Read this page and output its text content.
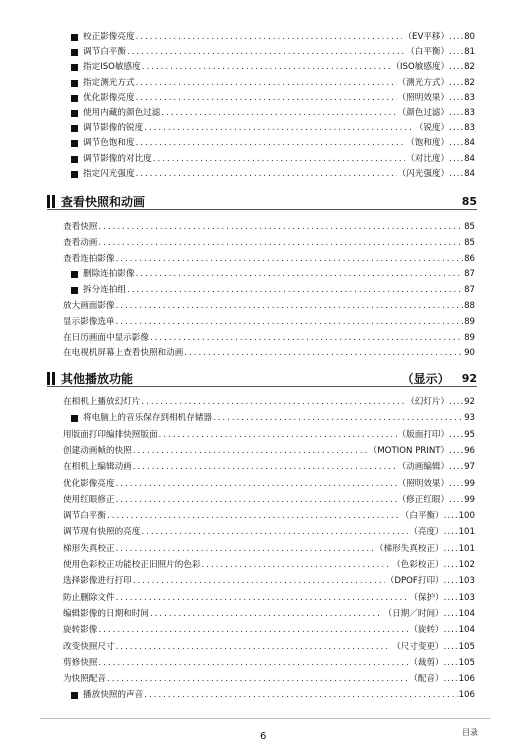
校正影像亮度 .....	（EV平移） .... 80
调节白平衡 .....	（白平衡） .... 81
指定ISO敏感度 .....	（ISO敏感度） .... 82
指定测光方式 .....	（测光方式） .... 82
优化影像亮度 .....	（照明效果） .... 83
使用内藏的颜色过滤 .....	（颜色过滤） .... 83
调节影像的锐度 .....	（锐度） .... 83
调节色饱和度 .....	（饱和度） .... 84
调节影像的对比度 .....	（对比度） .... 84
指定闪光强度 .....	（闪光强度） .... 84
查看快照和动画	85
查看快照 .....	85
查看动画 .....	85
查看连拍影像 .....	86
删除连拍影像 .....	87
拆分连拍组 .....	87
放大画面影像 .....	88
显示影像选单 .....	89
在日历画面中显示影像 .....	89
在电视机屏幕上查看快照和动画 .....	90
其他播放功能	（显示） 92
在相机上播放幻灯片 .....	（幻灯片） .... 92
将电脑上的音乐保存到相机存储器 .....	93
用版面打印编排快照版面 .....	（版面打印） .... 95
创建动画帧的快照 .....	（MOTION PRINT） .... 96
在相机上编辑动画 .....	（动画编辑） .... 97
优化影像亮度 .....	（照明效果） .... 99
使用红眼修正 .....	（修正红眼） .... 99
调节白平衡 .....	（白平衡） .... 100
调节现有快照的亮度 .....	（亮度） .... 101
梯形失真校正 .....	（梯形失真校正） .... 101
使用色彩校正功能校正旧照片的色彩 .....	（色彩校正） .... 102
选择影像进行打印 .....	（DPOF打印） .... 103
防止删除文件 .....	（保护） .... 103
编辑影像的日期和时间 .....	（日期／时间） .... 104
旋转影像 .....	（旋转） .... 104
改变快照尺寸 .....	（尺寸变更） .... 105
剪修快照 .....	（裁剪） .... 105
为快照配音 .....	（配音） .... 106
播放快照的声音 .....	106
6	目录
